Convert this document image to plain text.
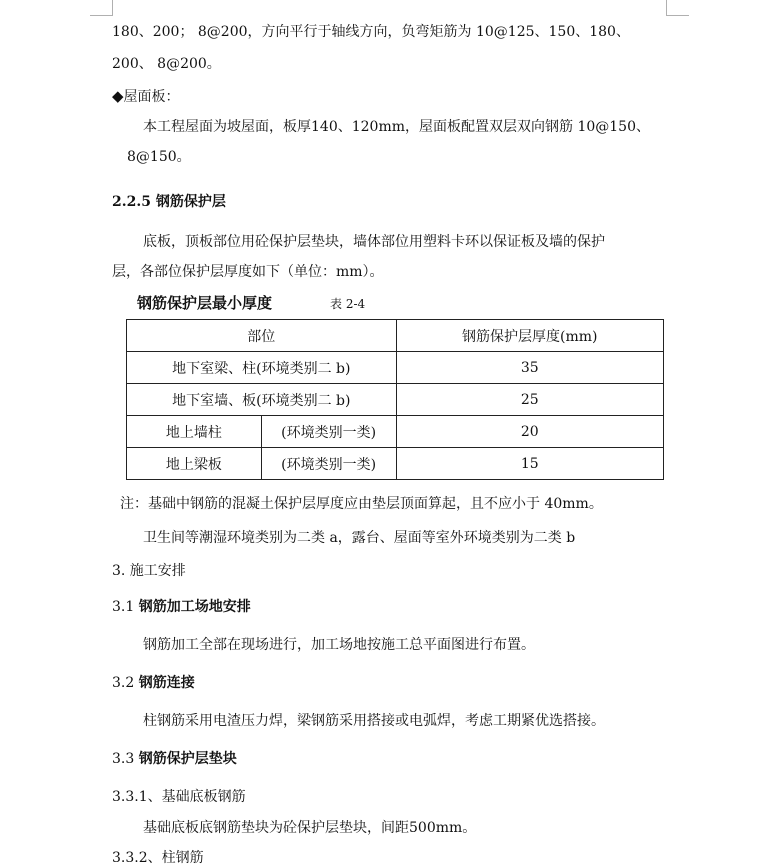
180、200； 8@200，方向平行于轴线方向，负弯矩筋为 10@125、150、180、
200、 8@200。
◆屋面板：
本工程屋面为坡屋面，板厚140、120mm，屋面板配置双层双向钢筋 10@150、
8@150。
2.2.5 钢筋保护层
底板，顶板部位用砼保护层垫块，墙体部位用塑料卡环以保证板及墙的保护
层，各部位保护层厚度如下（单位：mm）。
钢筋保护层最小厚度	表 2-4
部位		钢筋保护层厚度(mm)
地下室梁、柱(环境类别二 b)		35
地下室墙、板(环境类别二 b)		25
地上墙柱	(环境类别一类)	20
地上梁板	(环境类别一类)	15
注：基础中钢筋的混凝土保护层厚度应由垫层顶面算起，且不应小于 40mm。
卫生间等潮湿环境类别为二类 a，露台、屋面等室外环境类别为二类 b
3. 施工安排
3.1 钢筋加工场地安排
钢筋加工全部在现场进行，加工场地按施工总平面图进行布置。
3.2 钢筋连接
柱钢筋采用电渣压力焊，梁钢筋采用搭接或电弧焊，考虑工期紧优选搭接。
3.3 钢筋保护层垫块
3.3.1、基础底板钢筋
基础底板底钢筋垫块为砼保护层垫块，间距500mm。
3.3.2、柱钢筋
